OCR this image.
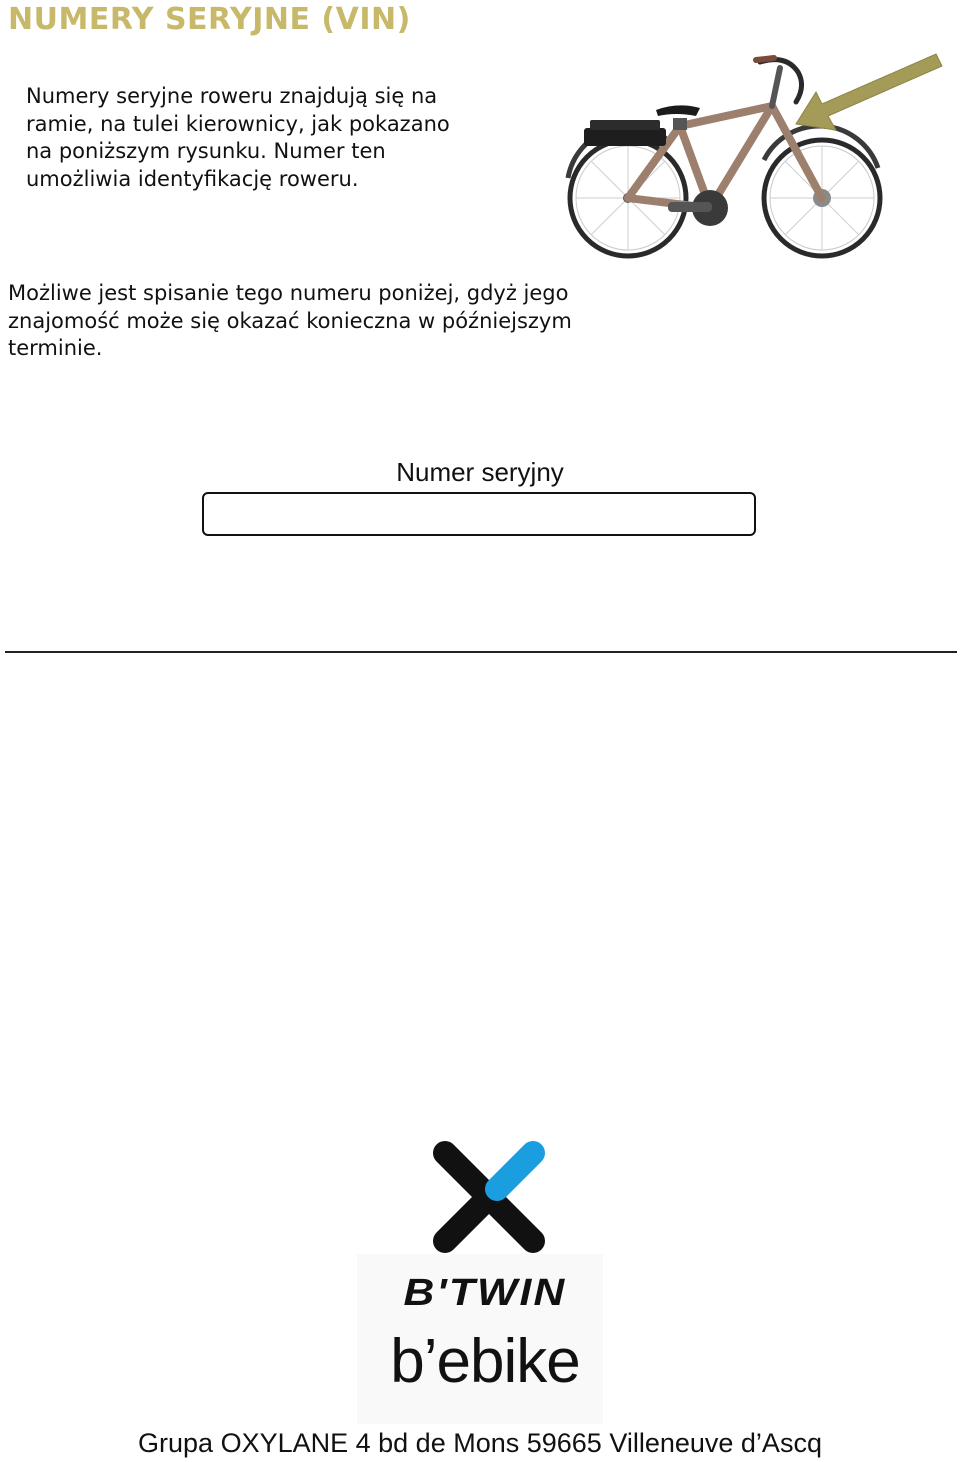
NUMERY SERYJNE (VIN)

Numery seryjne roweru znajdują się na ramie, na tulei kierownicy, jak pokazano na poniższym rysunku. Numer ten umożliwia identyfikację roweru.

Możliwe jest spisanie tego numeru poniżej, gdyż jego znajomość może się okazać konieczna w późniejszym terminie.

Numer seryjny
B'TWIN
b’ebike
Grupa OXYLANE 4 bd de Mons 59665 Villeneuve d’Ascq
